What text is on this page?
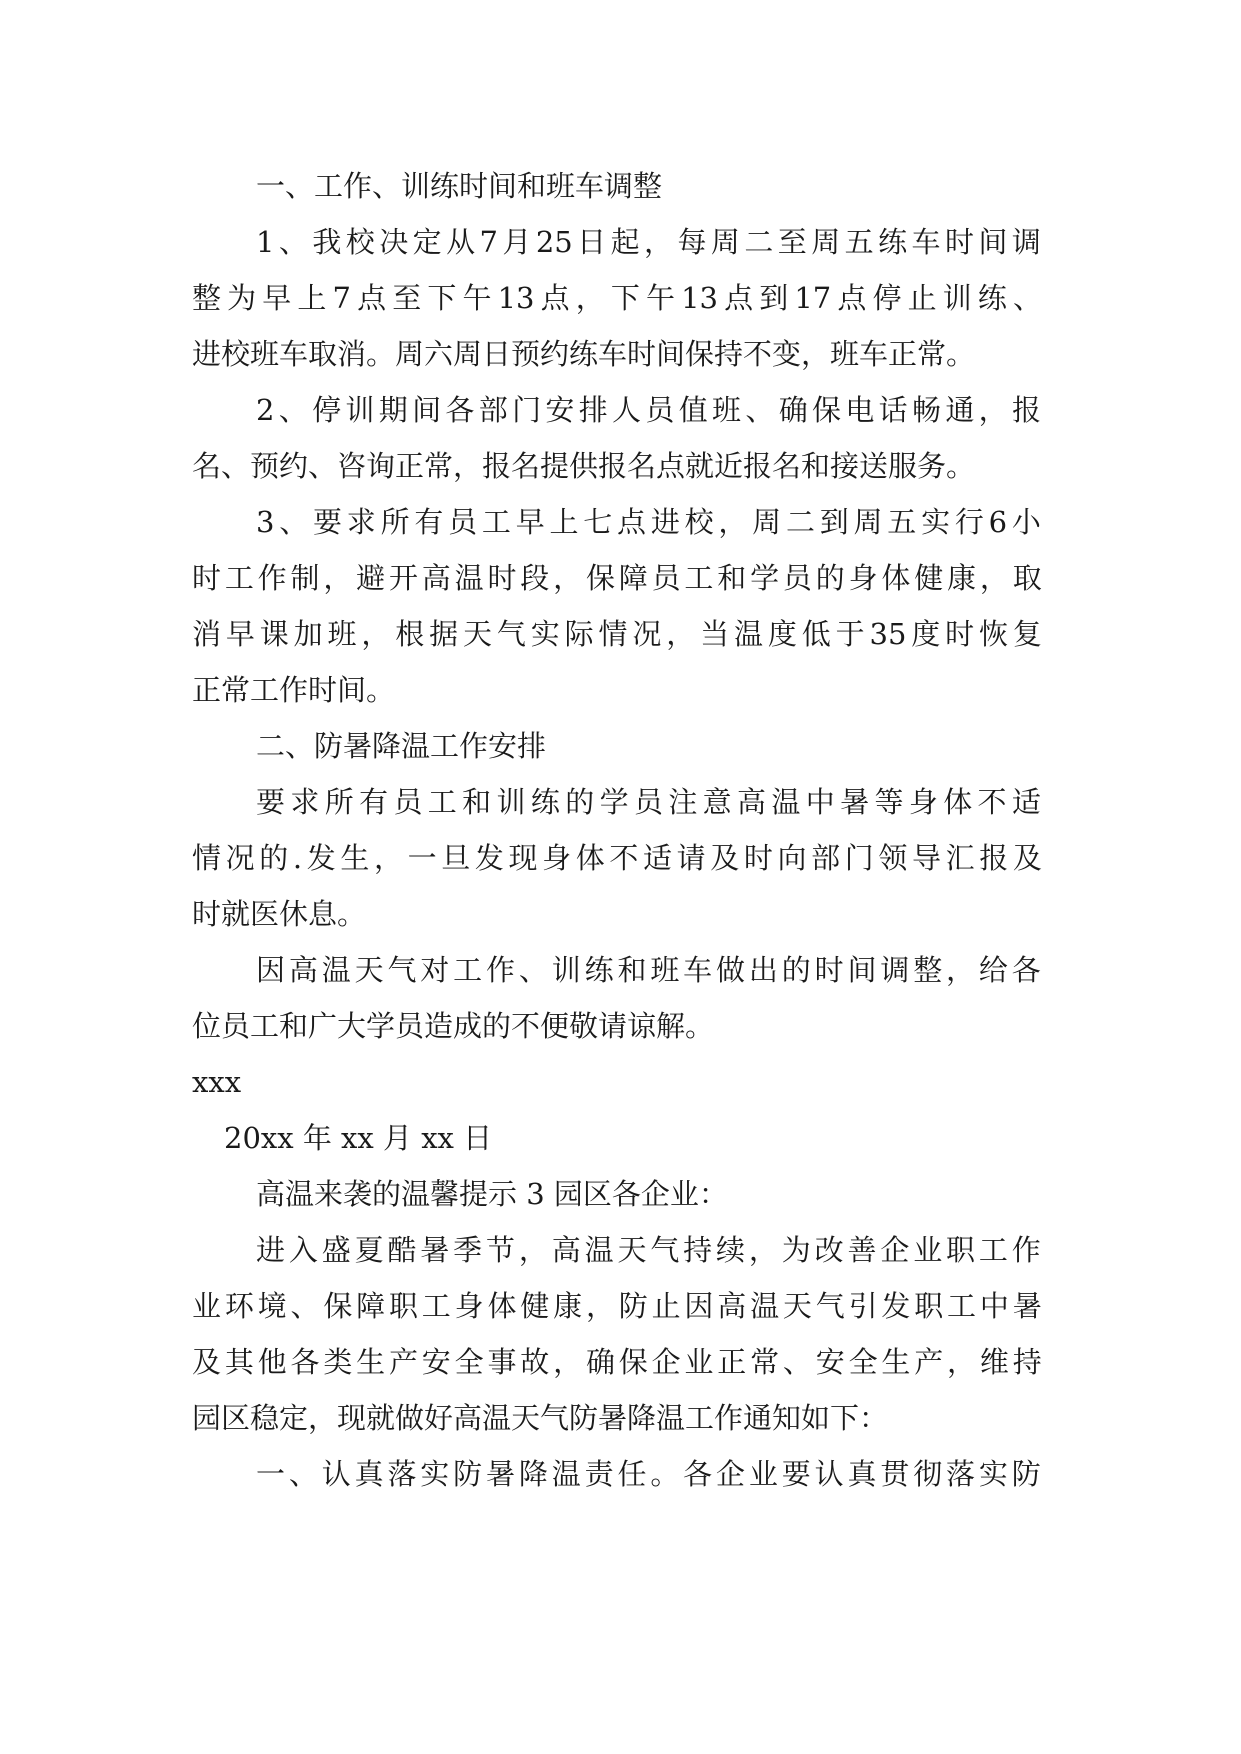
一、工作、训练时间和班车调整
1 、 我 校 决 定 从 7 月 25 日 起 ， 每 周 二 至 周 五 练 车 时 间 调
整 为 早 上 7 点 至 下 午 13 点 ， 下 午 13 点 到 17 点 停 止 训 练 、
进校班车取消。周六周日预约练车时间保持不变，班车正常。
2 、 停 训 期 间 各 部 门 安 排 人 员 值 班 、 确 保 电 话 畅 通 ， 报
名、预约、咨询正常，报名提供报名点就近报名和接送服务。
3 、 要 求 所 有 员 工 早 上 七 点 进 校 ， 周 二 到 周 五 实 行 6 小
时 工 作 制 ， 避 开 高 温 时 段 ， 保 障 员 工 和 学 员 的 身 体 健 康 ， 取
消 早 课 加 班 ， 根 据 天 气 实 际 情 况 ， 当 温 度 低 于 35 度 时 恢 复
正常工作时间。
二、防暑降温工作安排
要 求 所 有 员 工 和 训 练 的 学 员 注 意 高 温 中 暑 等 身 体 不 适
情 况 的 . 发 生 ， 一 旦 发 现 身 体 不 适 请 及 时 向 部 门 领 导 汇 报 及
时就医休息。
因 高 温 天 气 对 工 作 、 训 练 和 班 车 做 出 的 时 间 调 整 ， 给 各
位员工和广大学员造成的不便敬请谅解。
xxx
20xx 年 xx 月 xx 日
高温来袭的温馨提示 3 园区各企业：
进 入 盛 夏 酷 暑 季 节 ， 高 温 天 气 持 续 ， 为 改 善 企 业 职 工 作
业 环 境 、 保 障 职 工 身 体 健 康 ， 防 止 因 高 温 天 气 引 发 职 工 中 暑
及 其 他 各 类 生 产 安 全 事 故 ， 确 保 企 业 正 常 、 安 全 生 产 ， 维 持
园区稳定，现就做好高温天气防暑降温工作通知如下：
一 、 认 真 落 实 防 暑 降 温 责 任 。 各 企 业 要 认 真 贯 彻 落 实 防
